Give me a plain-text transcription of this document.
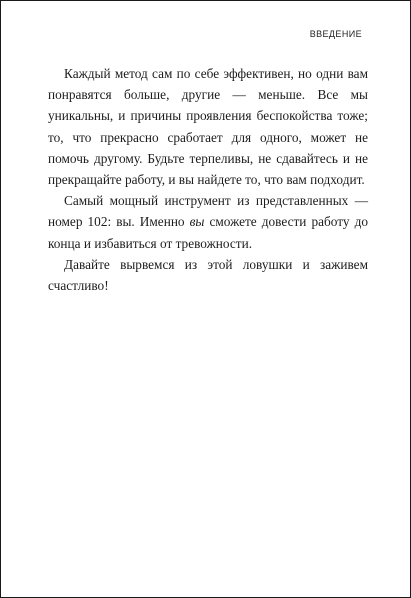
ВВЕДЕНИЕ

Каждый метод сам по себе эффективен, но одни вам понравятся больше, другие — меньше. Все мы уникальны, и причины проявления беспокойства тоже; то, что прекрасно сработает для одного, может не помочь другому. Будьте терпеливы, не сдавайтесь и не прекращайте работу, и вы найдете то, что вам подходит.

Самый мощный инструмент из представленных — номер 102: вы. Именно вы сможете довести работу до конца и избавиться от тревожности.

Давайте вырвемся из этой ловушки и заживем счастливо!
